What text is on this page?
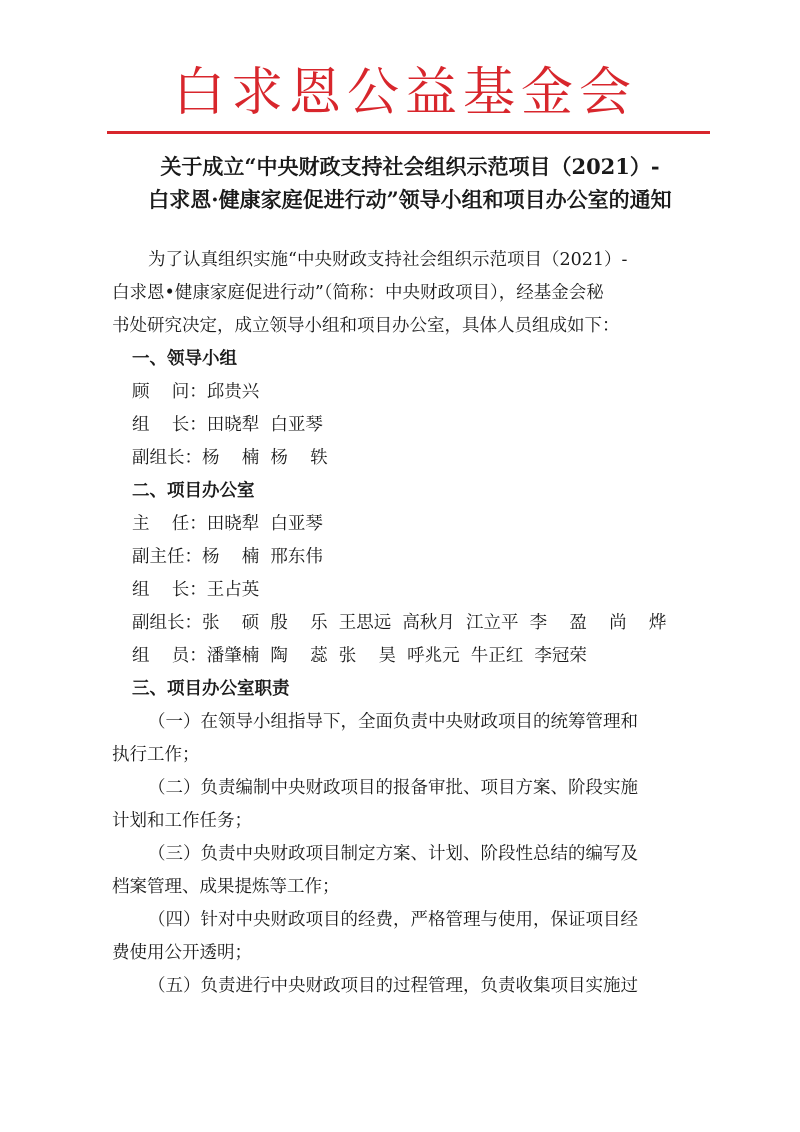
白求恩公益基金会
关于成立“中央财政支持社会组织示范项目（2021）-
白求恩·健康家庭促进行动”领导小组和项目办公室的通知

为了认真组织实施“中央财政支持社会组织示范项目（2021）-

白求恩•健康家庭促进行动”（简称：中央财政项目），经基金会秘

书处研究决定，成立领导小组和项目办公室，具体人员组成如下：

一、领导小组
顾    问：邱贵兴
组    长：田晓犁  白亚琴
副组长：杨    楠  杨    轶
二、项目办公室
主    任：田晓犁  白亚琴
副主任：杨    楠  邢东伟
组    长：王占英
副组长：张    硕  殷    乐  王思远  高秋月  江立平  李    盈    尚    烨
组    员：潘肇楠  陶    蕊  张    昊  呼兆元  牛正红  李冠荣
三、项目办公室职责

（一）在领导小组指导下，全面负责中央财政项目的统筹管理和

执行工作；

（二）负责编制中央财政项目的报备审批、项目方案、阶段实施

计划和工作任务；

（三）负责中央财政项目制定方案、计划、阶段性总结的编写及

档案管理、成果提炼等工作；

（四）针对中央财政项目的经费，严格管理与使用，保证项目经

费使用公开透明；

（五）负责进行中央财政项目的过程管理，负责收集项目实施过
